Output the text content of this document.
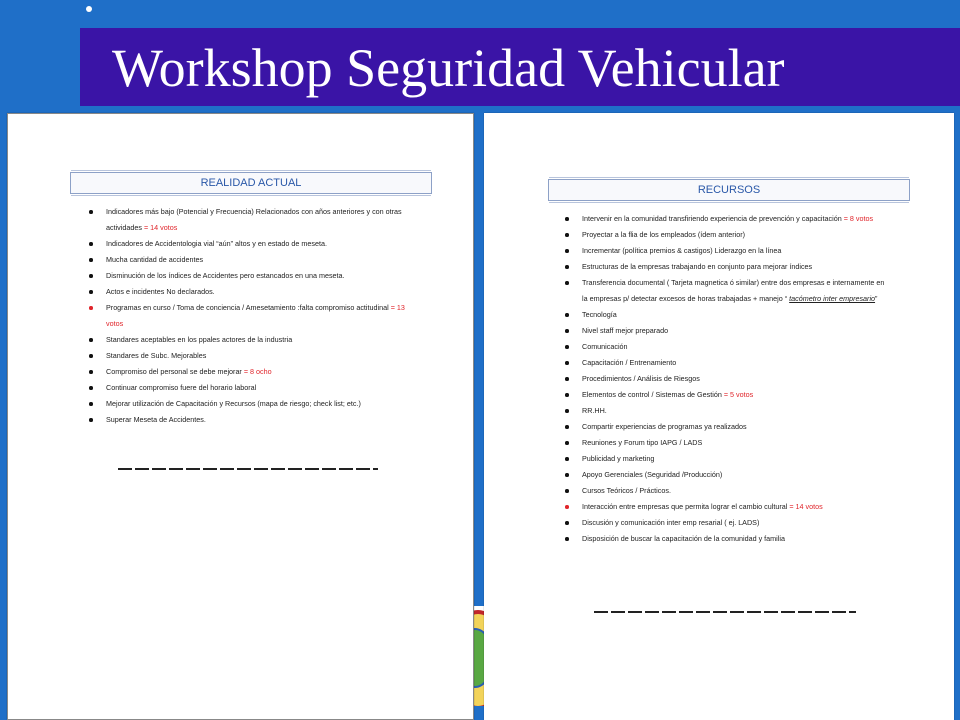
Workshop Seguridad Vehicular
REALIDAD ACTUAL
Indicadores más bajo (Potencial y Frecuencia) Relacionados con años anteriores y con otras
actividades = 14 votos
Indicadores de Accidentologia vial “aún” altos y en estado de meseta.
Mucha cantidad de accidentes
Disminución de los índices de Accidentes pero estancados en una meseta.
Actos e incidentes No declarados.
Programas en curso / Toma de conciencia / Amesetamiento :falta compromiso actitudinal = 13
votos
Standares aceptables en los ppales actores de la industria
Standares de Subc. Mejorables
Compromiso del personal se debe mejorar = 8 ocho
Continuar compromiso fuere del horario laboral
Mejorar utilización de Capacitación y Recursos (mapa de riesgo; check list; etc.)
Superar Meseta de Accidentes.
RECURSOS
Intervenir en la comunidad transfiriendo experiencia de prevención y capacitación = 8 votos
Proyectar a la flia de los empleados (ídem anterior)
Incrementar (política premios & castigos) Liderazgo en la línea
Estructuras de la empresas trabajando en conjunto para mejorar índices
Transferencia documental ( Tarjeta magnetica ó similar) entre dos empresas e internamente en
la empresas p/ detectar excesos de horas trabajadas + manejo “ tacómetro inter empresario”
Tecnología
Nivel staff mejor preparado
Comunicación
Capacitación / Entrenamiento
Procedimientos / Análisis de Riesgos
Elementos de control / Sistemas de Gestión = 5 votos
RR.HH.
Compartir experiencias de programas ya realizados
Reuniones y Forum tipo IAPG / LADS
Publicidad y marketing
Apoyo Gerenciales (Seguridad /Producción)
Cursos Teóricos / Prácticos.
Interacción entre empresas que permita lograr el cambio cultural = 14 votos
Discusión y comunicación inter emp resarial ( ej. LADS)
Disposición de buscar la capacitación de la comunidad y familia
